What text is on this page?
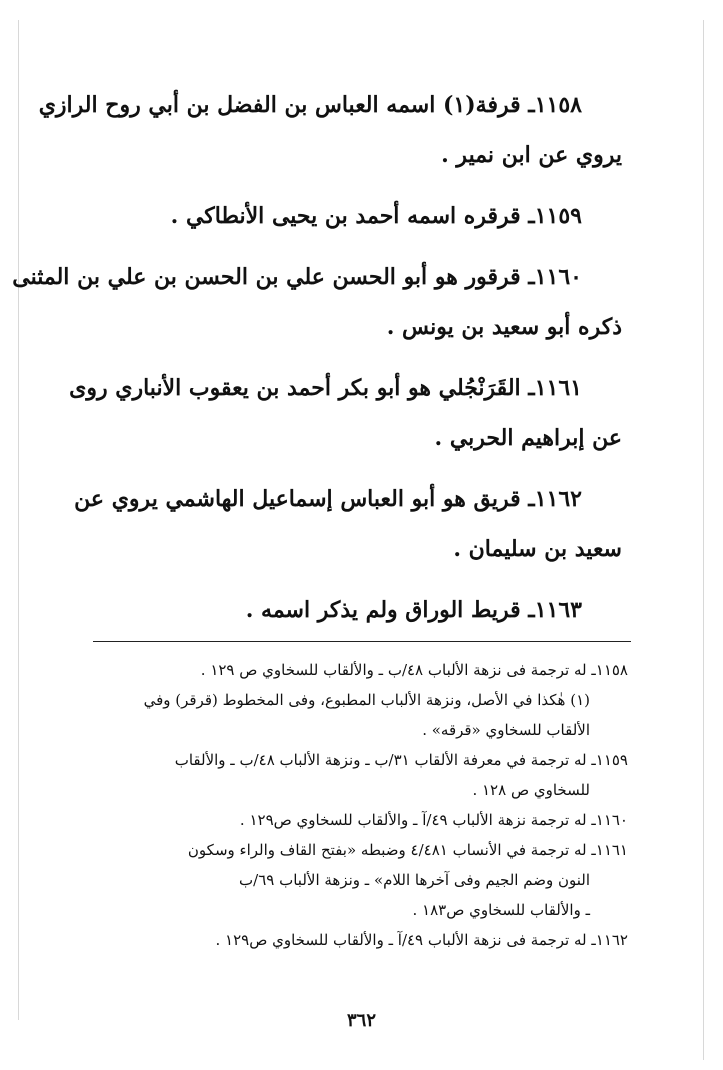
١١٥٨ـ قرفة(١) اسمه العباس بن الفضل بن أبي روح الرازي
يروي عن ابن نمير .
١١٥٩ـ قرقره اسمه أحمد بن يحيى الأنطاكي .
١١٦٠ـ قرقور هو أبو الحسن علي بن الحسن بن علي بن المثنى
ذكره أبو سعيد بن يونس .
١١٦١ـ القَرَنْجُلي هو أبو بكر أحمد بن يعقوب الأنباري روى
عن إبراهيم الحربي .
١١٦٢ـ قريق هو أبو العباس إسماعيل الهاشمي يروي عن
سعيد بن سليمان .
١١٦٣ـ قريط الوراق ولم يذكر اسمه .
١١٥٨ـ له ترجمة فى نزهة الألباب ٤٨/ب ـ والألقاب للسخاوي ص ١٢٩ .
(١) هٰكذا في الأصل، ونزهة الألباب المطبوع، وفى المخطوط (قرقر) وفي
الألقاب للسخاوي «قرقه» .
١١٥٩ـ له ترجمة في معرفة الألقاب ٣١/ب ـ ونزهة الألباب ٤٨/ب ـ والألقاب
للسخاوي ص ١٢٨ .
١١٦٠ـ له ترجمة نزهة الألباب ٤٩/آ ـ والألقاب للسخاوي ص١٢٩ .
١١٦١ـ له ترجمة في الأنساب ٤/٤٨١ وضبطه «بفتح القاف والراء وسكون
النون وضم الجيم وفى آخرها اللام» ـ ونزهة الألباب ٦٩/ب
ـ والألقاب للسخاوي ص١٨٣ .
١١٦٢ـ له ترجمة فى نزهة الألباب ٤٩/آ ـ والألقاب للسخاوي ص١٢٩ .
٣٦٢
